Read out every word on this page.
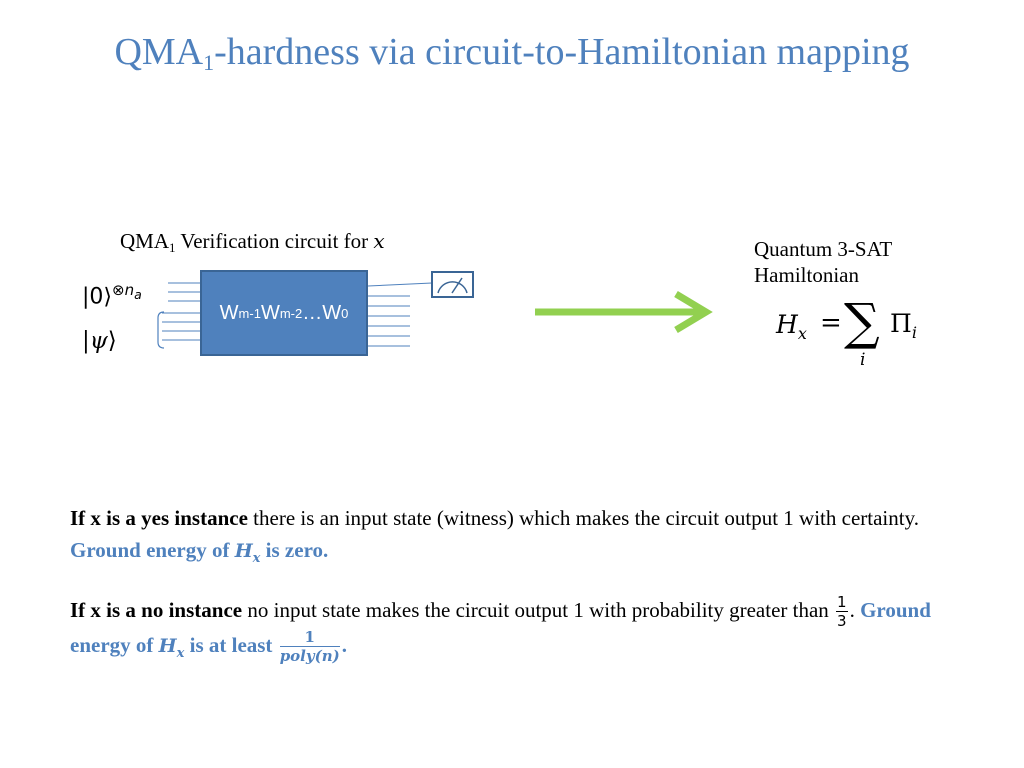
$QMA_1$-hardness via circuit-to-Hamiltonian mapping
$QMA_1$ Verification circuit for x
|0⟩$^{\otimes n_a}$
|ψ⟩
W m-1 W m-2 …W 0
Quantum 3-SAT
Hamiltonian
$H_x$ = ∑ $\Pi_i$
i
If x is a yes instance there is an input state (witness) which makes the circuit output 1 with certainty. Ground energy of $H_x$ is zero.
If x is a no instance no input state makes the circuit output 1 with probability greater than $\frac{1}{3}$ . Ground energy of $H_x$ is at least $\frac{1}{\text{poly(n)}}$ .
